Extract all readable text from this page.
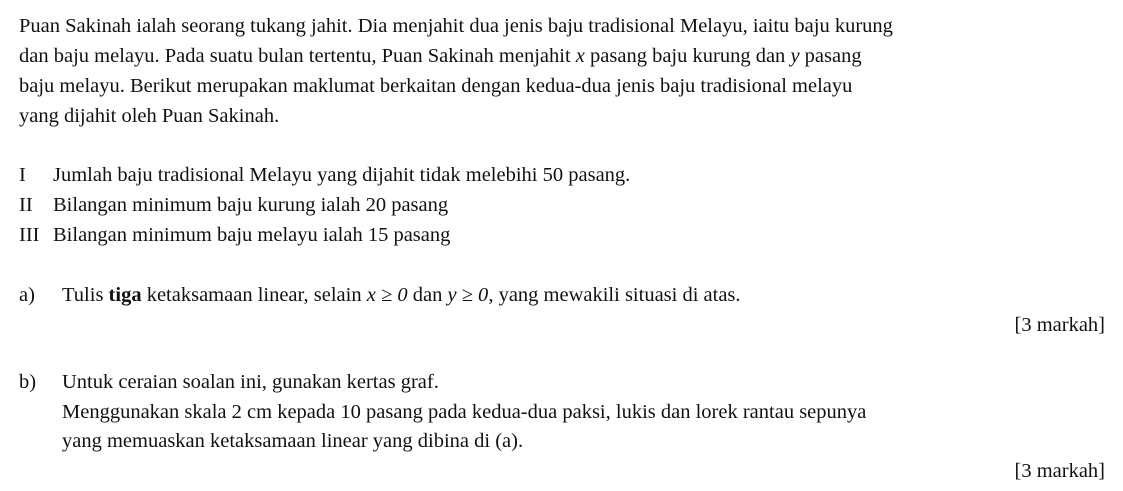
Puan Sakinah ialah seorang tukang jahit. Dia menjahit dua jenis baju tradisional Melayu, iaitu baju kurung
dan baju melayu. Pada suatu bulan tertentu, Puan Sakinah menjahit x pasang baju kurung dan y pasang
baju melayu. Berikut merupakan maklumat berkaitan dengan kedua-dua jenis baju tradisional melayu
yang dijahit oleh Puan Sakinah.
I Jumlah baju tradisional Melayu yang dijahit tidak melebihi 50 pasang.
II Bilangan minimum baju kurung ialah 20 pasang
III Bilangan minimum baju melayu ialah 15 pasang
a) Tulis tiga ketaksamaan linear, selain x ≥ 0 dan y ≥ 0, yang mewakili situasi di atas.
[3 markah]
b) Untuk ceraian soalan ini, gunakan kertas graf.
Menggunakan skala 2 cm kepada 10 pasang pada kedua-dua paksi, lukis dan lorek rantau sepunya
yang memuaskan ketaksamaan linear yang dibina di (a).
[3 markah]
